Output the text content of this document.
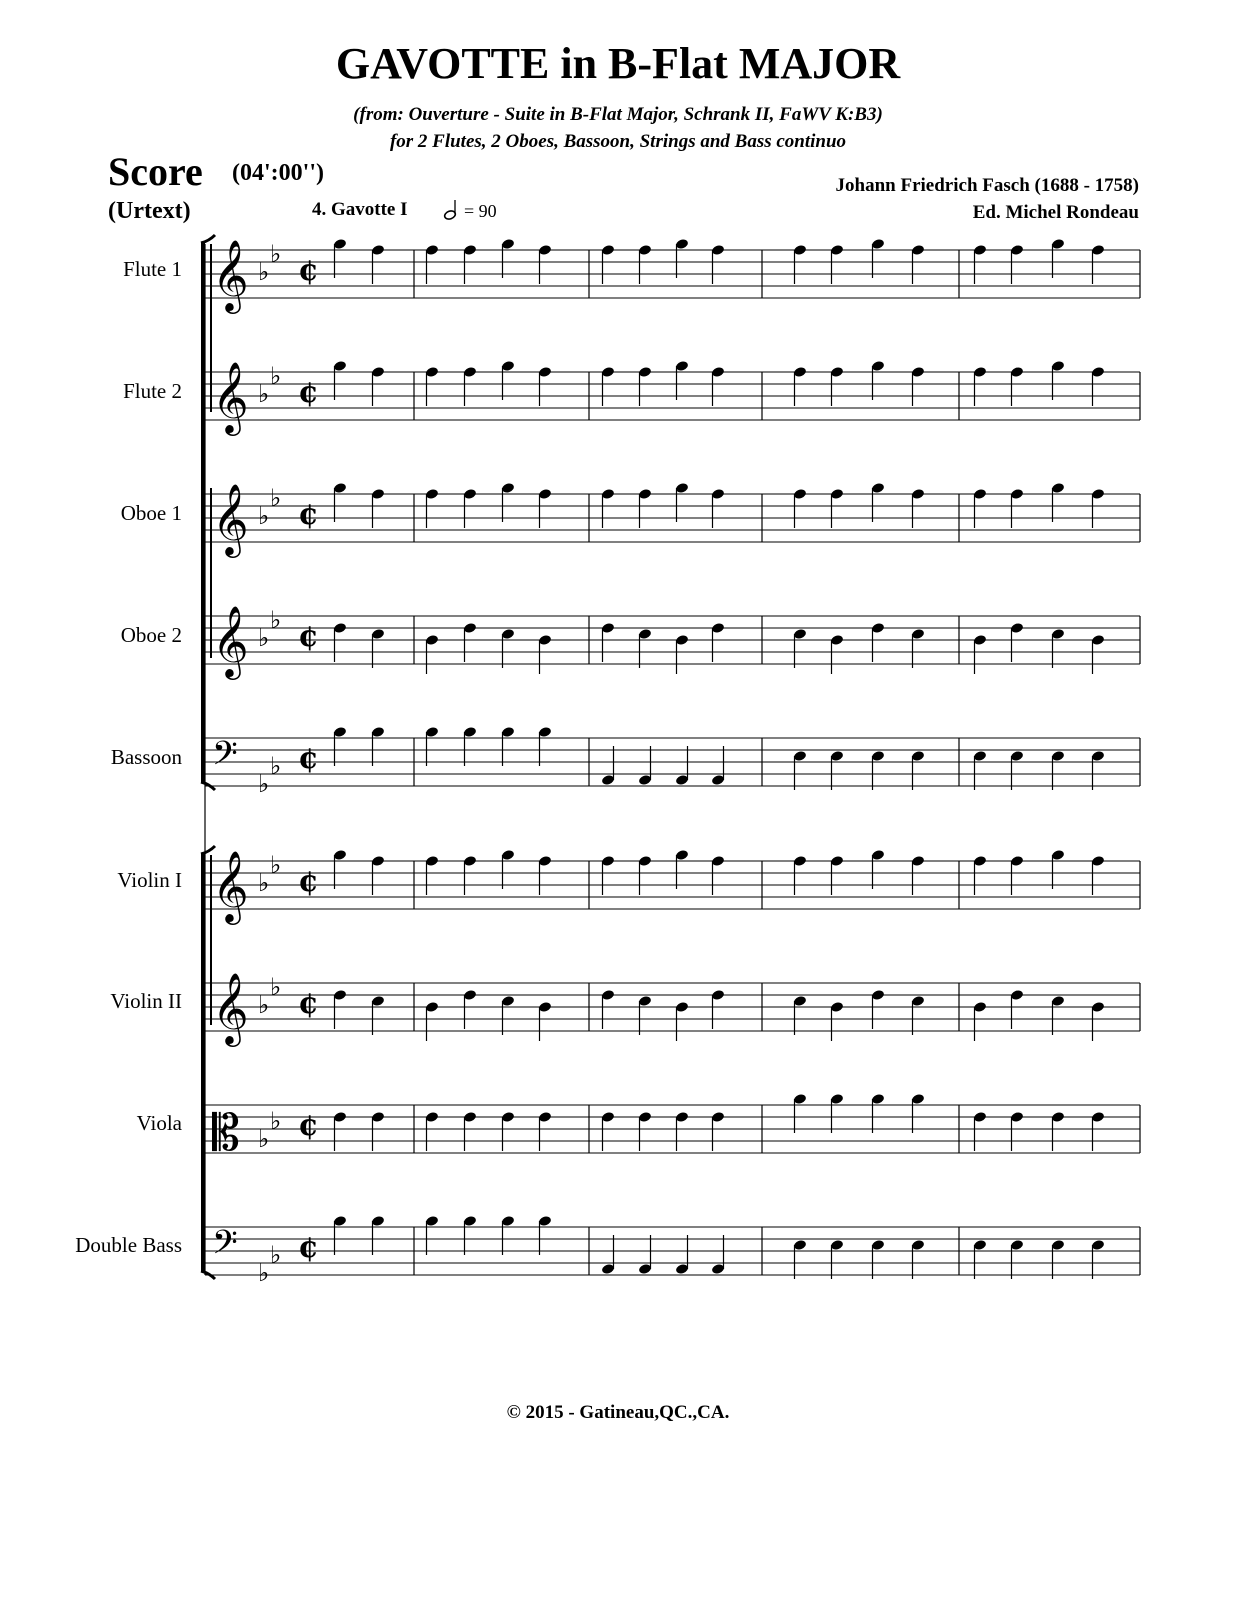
GAVOTTE in B-Flat MAJOR
(from: Ouverture - Suite in B-Flat Major, Schrank II, FaWV K:B3)
for 2 Flutes, 2 Oboes, Bassoon, Strings and Bass continuo
Score (04':00'')
(Urtext)
Johann Friedrich Fasch (1688 - 1758)
Ed. Michel Rondeau
4. Gavotte I	= 90
Flute 1
Flute 2
Oboe 1
Oboe 2
Bassoon
Violin I
Violin II
Viola
Double Bass
𝄞 ♭
♭ ¢
𝄞 ♭
♭ ¢
𝄞 ♭
♭ ¢
𝄞 ♭
♭ ¢
𝄢
♭
♭ ¢
𝄞 ♭
♭ ¢
𝄞 ♭
♭ ¢
𝄡 ♭
♭ ¢
𝄢
♭
♭ ¢
© 2015 - Gatineau,QC.,CA.
